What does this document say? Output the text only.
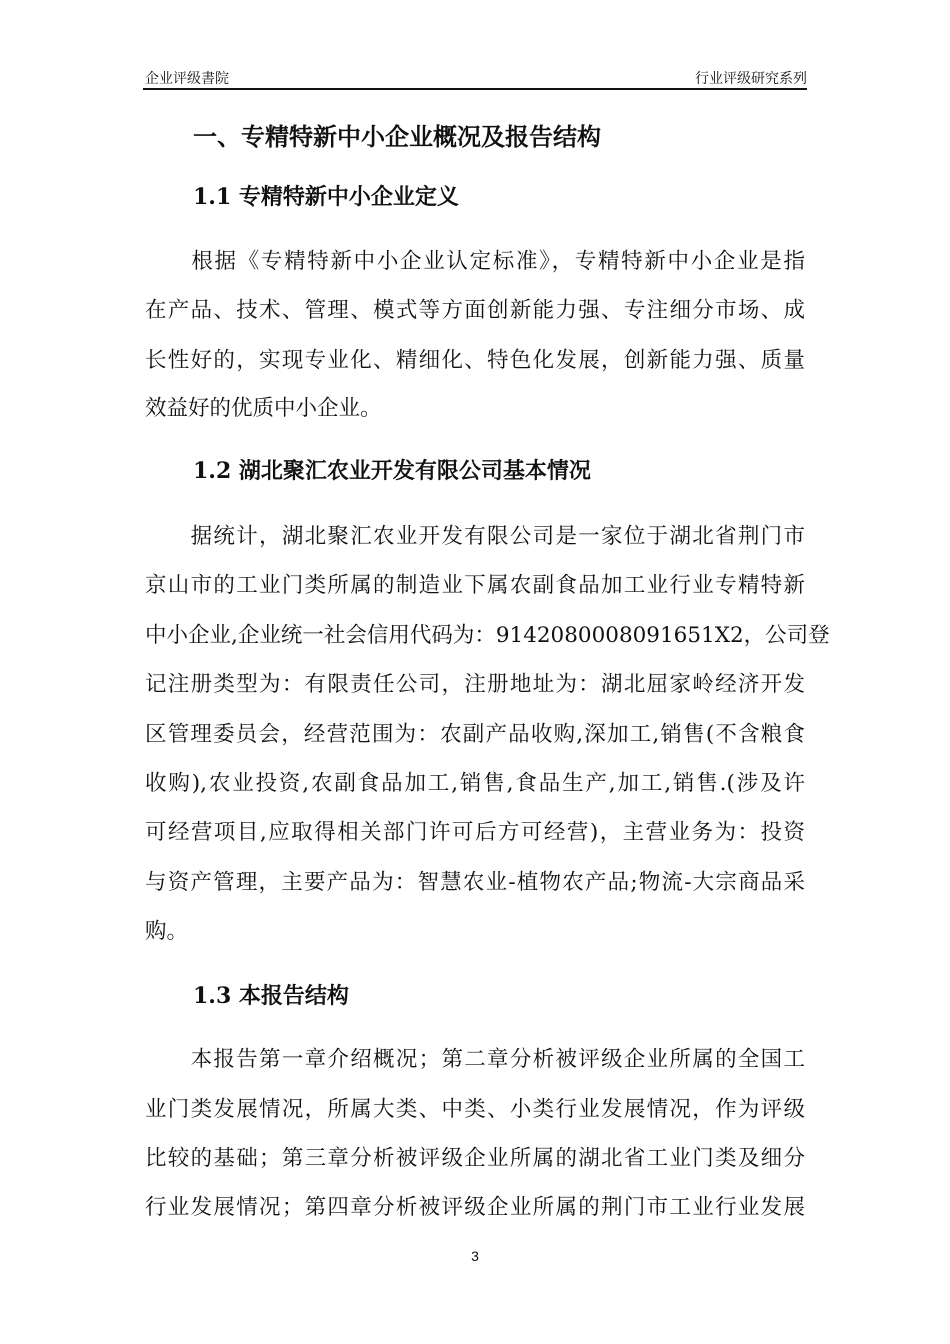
企业评级書院	行业评级研究系列
一、专精特新中小企业概况及报告结构
1.1 专精特新中小企业定义
　　根据《专精特新中小企业认定标准》，专精特新中小企业是指
在产品、技术、管理、模式等方面创新能力强、专注细分市场、成
长性好的，实现专业化、精细化、特色化发展，创新能力强、质量
效益好的优质中小企业。
1.2 湖北聚汇农业开发有限公司基本情况
　　据统计，湖北聚汇农业开发有限公司是一家位于湖北省荆门市
京山市的工业门类所属的制造业下属农副食品加工业行业专精特新
中小企业,企业统一社会信用代码为：9142080008091651X2，公司登
记注册类型为：有限责任公司，注册地址为：湖北屈家岭经济开发
区管理委员会，经营范围为：农副产品收购,深加工,销售(不含粮食
收购),农业投资,农副食品加工,销售,食品生产,加工,销售.(涉及许
可经营项目,应取得相关部门许可后方可经营)，主营业务为：投资
与资产管理，主要产品为：智慧农业-植物农产品;物流-大宗商品采
购。
1.3 本报告结构
　　本报告第一章介绍概况；第二章分析被评级企业所属的全国工
业门类发展情况，所属大类、中类、小类行业发展情况，作为评级
比较的基础；第三章分析被评级企业所属的湖北省工业门类及细分
行业发展情况；第四章分析被评级企业所属的荆门市工业行业发展
3
